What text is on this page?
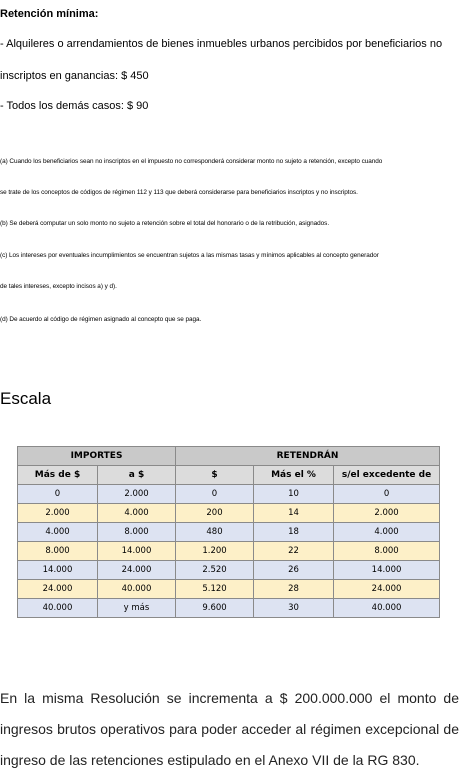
Retención mínima:

- Alquileres o arrendamientos de bienes inmuebles urbanos percibidos por beneficiarios no

inscriptos en ganancias: $ 450

- Todos los demás casos: $ 90

(a) Cuando los beneficiarios sean no inscriptos en el impuesto no corresponderá considerar monto no sujeto a retención, excepto cuando

se trate de los conceptos de códigos de régimen 112 y 113 que deberá considerarse para beneficiarios inscriptos y no inscriptos.

(b) Se deberá computar un solo monto no sujeto a retención sobre el total del honorario o de la retribución, asignados.

(c) Los intereses por eventuales incumplimientos se encuentran sujetos a las mismas tasas y mínimos aplicables al concepto generador

de tales intereses, excepto incisos a) y d).

(d) De acuerdo al código de régimen asignado al concepto que se paga.

Escala
IMPORTES		RETENDRÁN		
Más de $	a $	$	Más el %	s/el excedente de
0	2.000	0	10	0
2.000	4.000	200	14	2.000
4.000	8.000	480	18	4.000
8.000	14.000	1.200	22	8.000
14.000	24.000	2.520	26	14.000
24.000	40.000	5.120	28	24.000
40.000	y más	9.600	30	40.000

En la misma Resolución se incrementa a $ 200.000.000 el monto de ingresos brutos operativos para poder acceder al régimen excepcional de ingreso de las retenciones estipulado en el Anexo VII de la RG 830.
